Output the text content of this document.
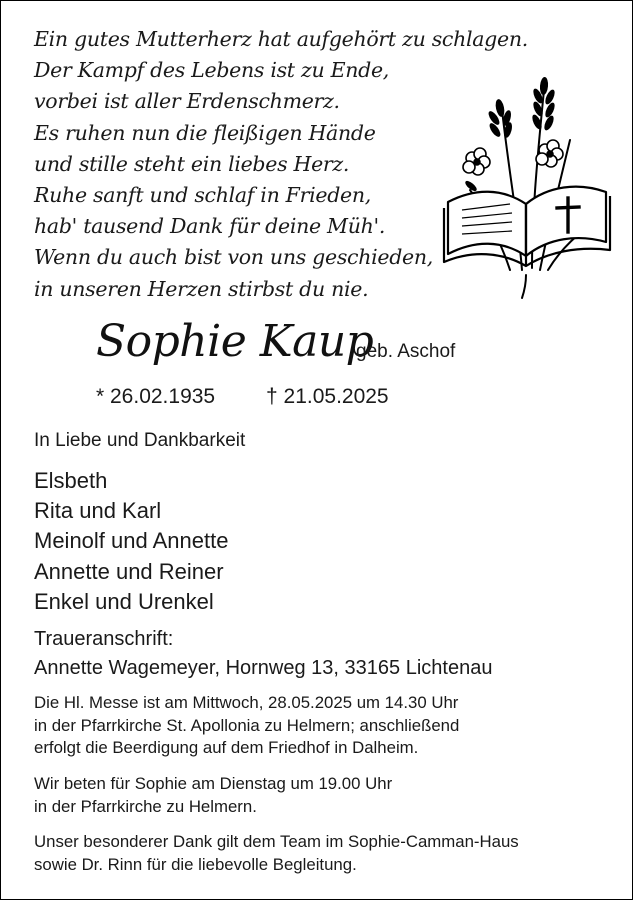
Ein gutes Mutterherz hat aufgehört zu schlagen.
Der Kampf des Lebens ist zu Ende,
vorbei ist aller Erdenschmerz.
Es ruhen nun die fleißigen Hände
und stille steht ein liebes Herz.
Ruhe sanft und schlaf in Frieden,
hab' tausend Dank für deine Müh'.
Wenn du auch bist von uns geschieden,
in unseren Herzen stirbst du nie.
Sophie Kaup
geb. Aschof
* 26.02.1935 † 21.05.2025
In Liebe und Dankbarkeit
Elsbeth
Rita und Karl
Meinolf und Annette
Annette und Reiner
Enkel und Urenkel
Traueranschrift:
Annette Wagemeyer, Hornweg 13, 33165 Lichtenau
Die Hl. Messe ist am Mittwoch, 28.05.2025 um 14.30 Uhr
in der Pfarrkirche St. Apollonia zu Helmern; anschließend
erfolgt die Beerdigung auf dem Friedhof in Dalheim.
Wir beten für Sophie am Dienstag um 19.00 Uhr
in der Pfarrkirche zu Helmern.
Unser besonderer Dank gilt dem Team im Sophie-Camman-Haus
sowie Dr. Rinn für die liebevolle Begleitung.
